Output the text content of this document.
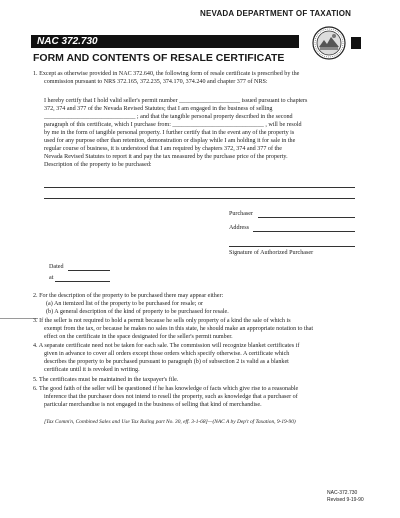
NEVADA DEPARTMENT OF TAXATION
NAC 372.730
FORM AND CONTENTS OF RESALE CERTIFICATE
1. Except as otherwise provided in NAC 372.640, the following form of resale certificate is prescribed by the
commission pursuant to NRS 372.165, 372.235, 374.170, 374.240 and chapter 377 of NRS:
I hereby certify that I hold valid seller's permit number ____________________ issued pursuant to chapters
372, 374 and 377 of the Nevada Revised Statutes; that I am engaged in the business of selling
______________________________ ; and that the tangible personal property described in the second
paragraph of this certificate, which I purchase from: ______________________________ , will be resold
by me in the form of tangible personal property. I further certify that in the event any of the property is
used for any purpose other than retention, demonstration or display while I am holding it for sale in the
regular course of business, it is understood that I am required by chapters 372, 374 and 377 of the
Nevada Revised Statutes to report it and pay the tax measured by the purchase price of the property.
Description of the property to be purchased:
Purchaser
Address
Signature of Authorized Purchaser
Dated
at
2. For the description of the property to be purchased there may appear either:
(a) An itemized list of the property to be purchased for resale; or
(b) A general description of the kind of property to be purchased for resale.
3. If the seller is not required to hold a permit because he sells only property of a kind the sale of which is
exempt from the tax, or because he makes no sales in this state, he should make an appropriate notation to that
effect on the certificate in the space designated for the seller's permit number.
4. A separate certificate need not be taken for each sale. The commission will recognize blanket certificates if
given in advance to cover all orders except those orders which specify otherwise. A certificate which
describes the property to be purchased pursuant to paragraph (b) of subsection 2 is valid as a blanket
certificate until it is revoked in writing.
5. The certificates must be maintained in the taxpayer's file.
6. The good faith of the seller will be questioned if he has knowledge of facts which give rise to a reasonable
inference that the purchaser does not intend to resell the property, such as knowledge that a purchaser of
particular merchandise is not engaged in the business of selling that kind of merchandise.
[Tax Comm'n, Combined Sales and Use Tax Ruling part No. 30, eff. 3-1-68]—(NAC A by Dep't of Taxation, 9-19-90)
NAC-372.730
Revised 9-19-90
